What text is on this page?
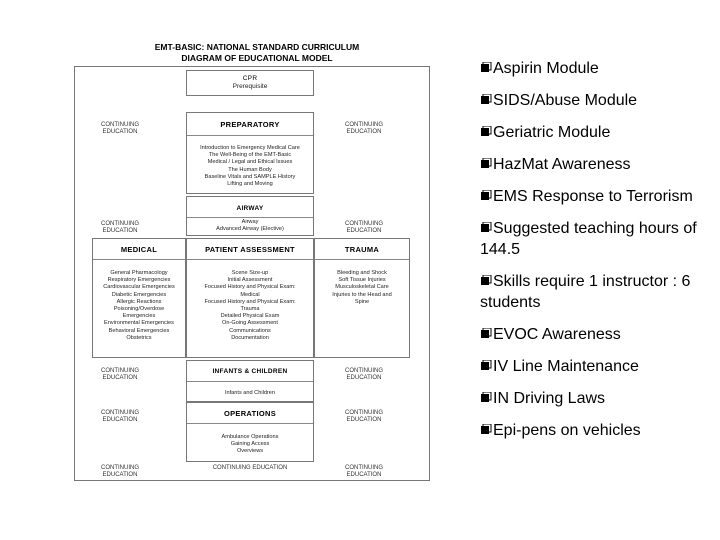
EMT-BASIC: NATIONAL STANDARD CURRICULUM
DIAGRAM OF EDUCATIONAL MODEL
CPR
Prerequisite
PREPARATORY
Introduction to Emergency Medical Care
The Well-Being of the EMT-Basic
Medical / Legal and Ethical Issues
The Human Body
Baseline Vitals and SAMPLE History
Lifting and Moving
AIRWAY
Airway
Advanced Airway (Elective)
MEDICAL
General Pharmacology
Respiratory Emergencies
Cardiovascular Emergencies
Diabetic Emergencies
Allergic Reactions
Poisoning/Overdose
Emergencies
Environmental Emergencies
Behavioral Emergencies
Obstetrics
PATIENT ASSESSMENT
Scene Size-up
Initial Assessment
Focused History and Physical Exam:
Medical
Focused History and Physical Exam:
Trauma
Detailed Physical Exam
On-Going Assessment
Communications
Documentation
TRAUMA
Bleeding and Shock
Soft Tissue Injuries
Musculoskeletal Care
Injuries to the Head and
Spine
INFANTS & CHILDREN
Infants and Children
OPERATIONS
Ambulance Operations
Gaining Access
Overviews
CONTINUING EDUCATION
CONTINUING EDUCATION
CONTINUING EDUCATION
CONTINUING EDUCATION
CONTINUING EDUCATION
CONTINUING EDUCATION
CONTINUING EDUCATION
CONTINUING EDUCATION
CONTINUING EDUCATION
CONTINUING EDUCATION	CONTINUING EDUCATION
Aspirin Module
SIDS/Abuse Module
Geriatric Module
HazMat Awareness
EMS Response to Terrorism
Suggested teaching hours of 144.5
Skills require 1 instructor : 6 students
EVOC Awareness
IV Line Maintenance
IN Driving Laws
Epi-pens on vehicles
